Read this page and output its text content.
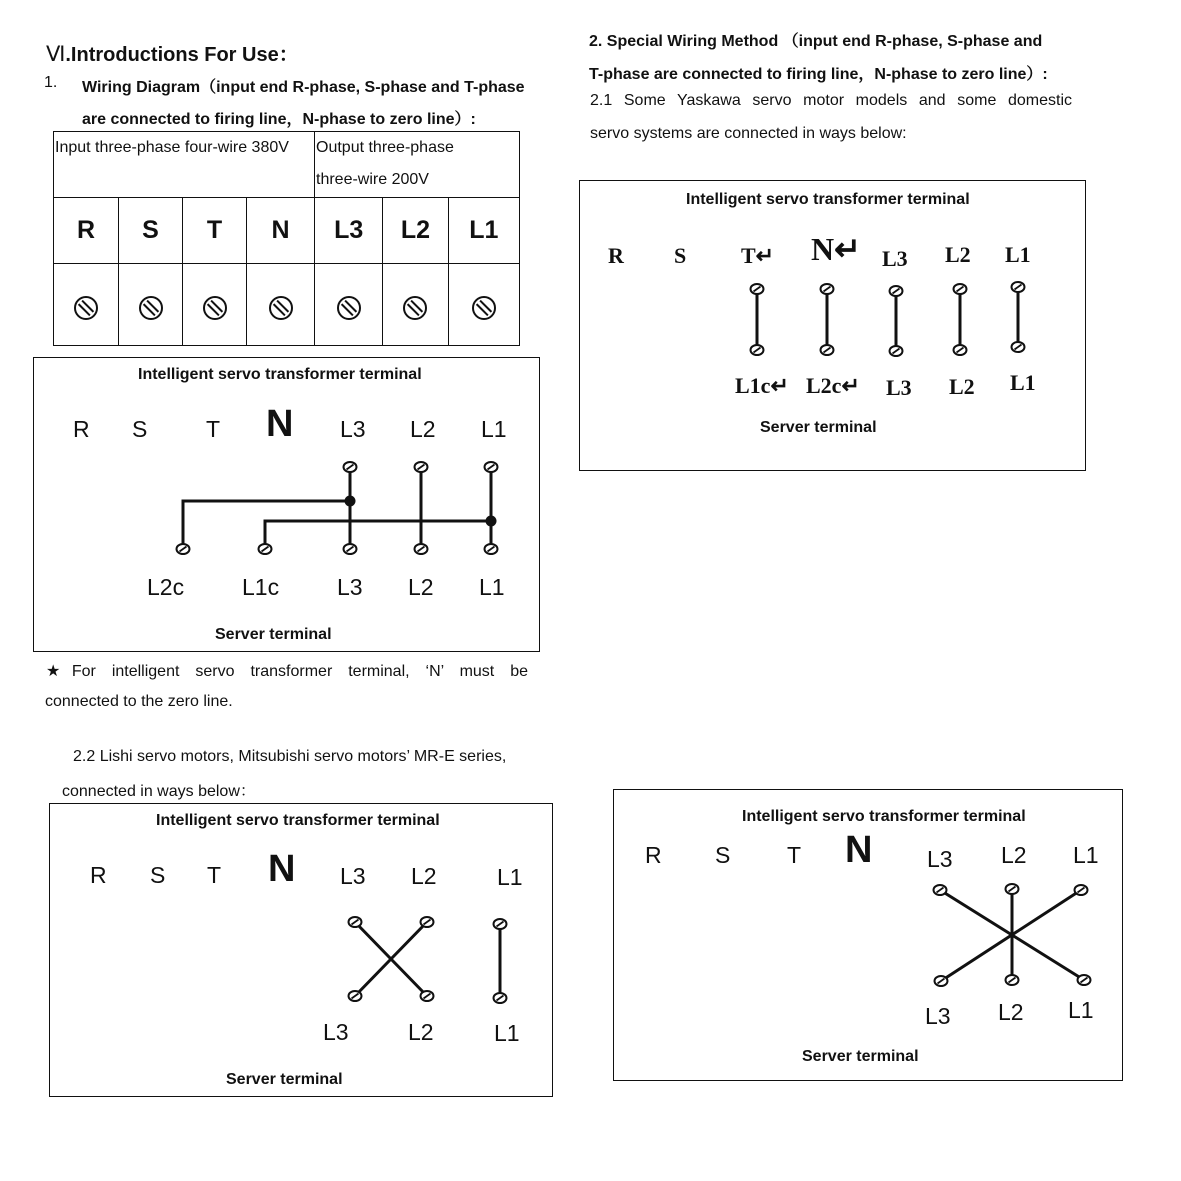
Ⅵ.Introductions For Use：
1. Wiring Diagram（input end R-phase, S-phase and T-phase
are connected to firing line，N-phase to zero line）:
Input three-phase four-wire 380V				Output three-phase
three-wire 200V		

R	S	T	N	L3	L2	L1

Intelligent servo transformer terminal
R S	T N L3 L2 L1
L2c	L1c	L3 L2 L1
Server terminal
★For intelligent servo transformer terminal, ‘N’ must be
connected to the zero line.
2.2 Lishi servo motors, Mitsubishi servo motors’ MR-E series,
connected in ways below：
Intelligent servo transformer terminal
R S T N L3 L2	L1
L3	L2	L1
Server terminal
2. Special Wiring Method （input end R-phase, S-phase and
T-phase are connected to firing line，N-phase to zero line）:
2.1 Some Yaskawa servo motor models and some domestic
servo systems are connected in ways below:
Intelligent servo transformer terminal
R S T↵ N↵ L3 L2 L1
L1c↵ L2c↵ L3 L2 L1
Server terminal
Intelligent servo transformer terminal
R S T N L3 L2 L1
L3 L2 L1
Server terminal
